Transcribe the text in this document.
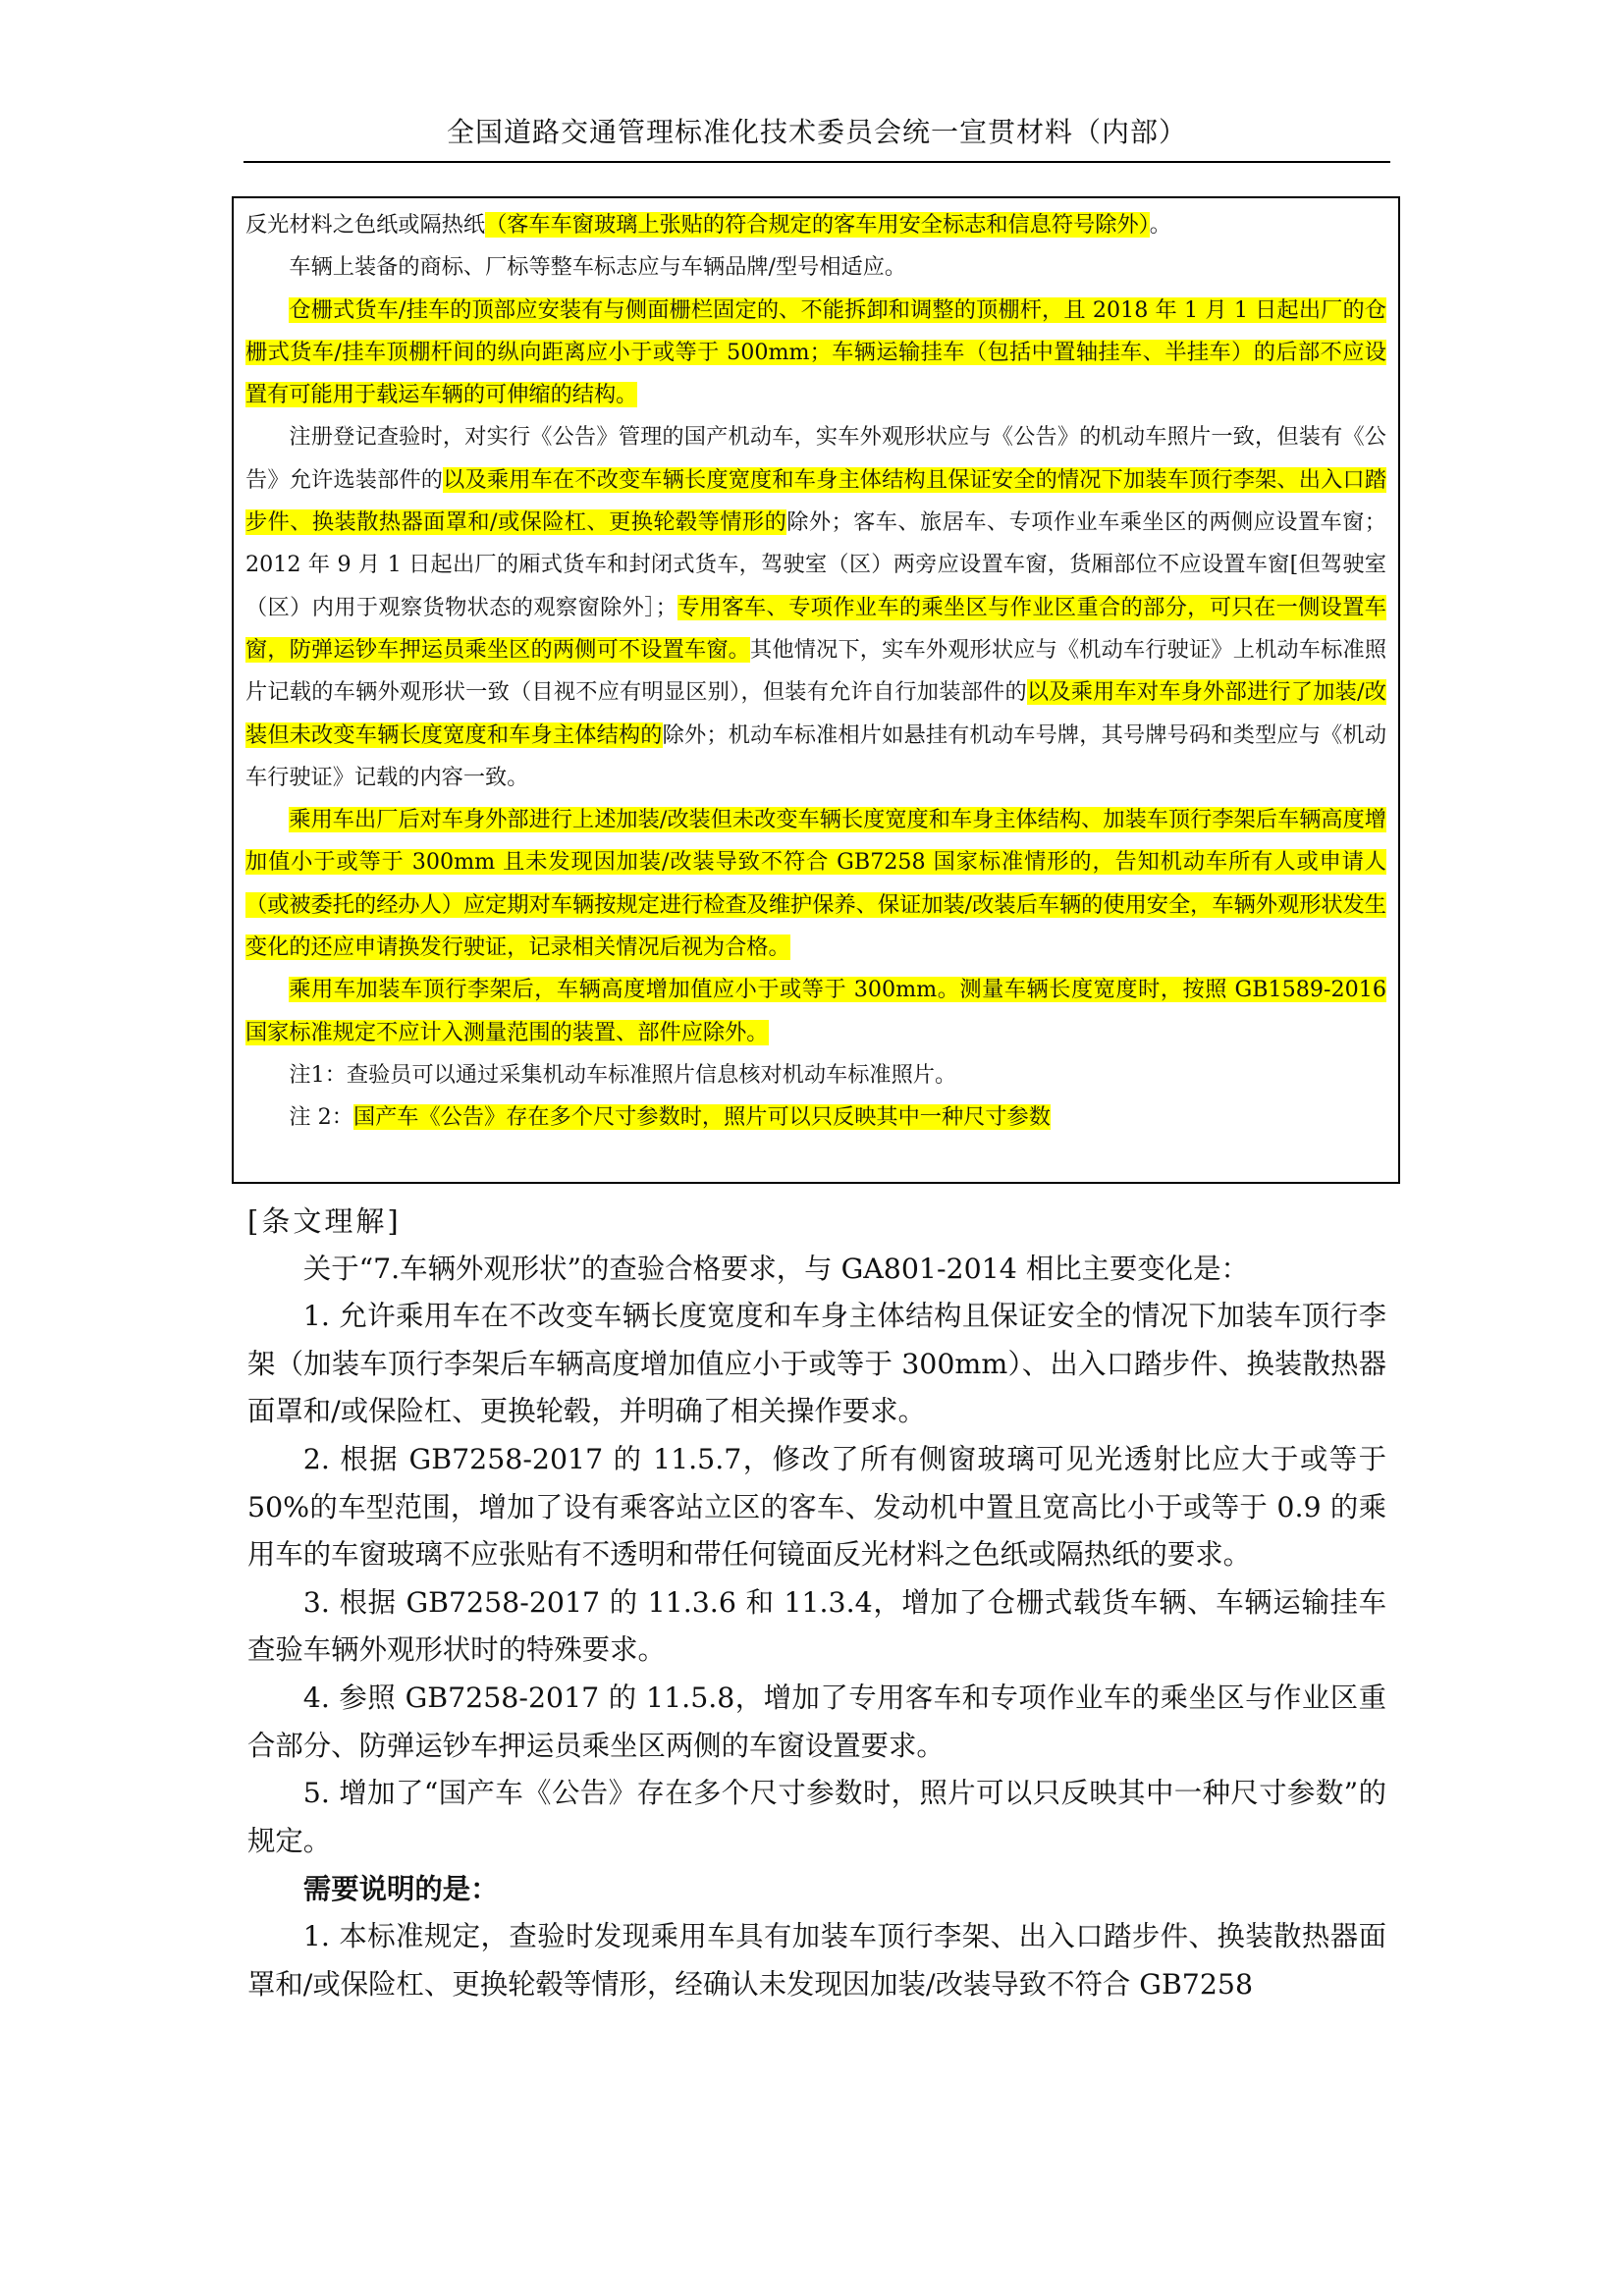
全国道路交通管理标准化技术委员会统一宣贯材料（内部）

反光材料之色纸或隔热纸（客车车窗玻璃上张贴的符合规定的客车用安全标志和信息符号除外）。

车辆上装备的商标、厂标等整车标志应与车辆品牌/型号相适应。

仓栅式货车/挂车的顶部应安装有与侧面栅栏固定的、不能拆卸和调整的顶棚杆，且 2018 年 1 月 1 日起出厂的仓栅式货车/挂车顶棚杆间的纵向距离应小于或等于 500mm；车辆运输挂车（包括中置轴挂车、半挂车）的后部不应设置有可能用于载运车辆的可伸缩的结构。

注册登记查验时，对实行《公告》管理的国产机动车，实车外观形状应与《公告》的机动车照片一致，但装有《公告》允许选装部件的以及乘用车在不改变车辆长度宽度和车身主体结构且保证安全的情况下加装车顶行李架、出入口踏步件、换装散热器面罩和/或保险杠、更换轮毂等情形的除外；客车、旅居车、专项作业车乘坐区的两侧应设置车窗；2012 年 9 月 1 日起出厂的厢式货车和封闭式货车，驾驶室（区）两旁应设置车窗，货厢部位不应设置车窗[但驾驶室（区）内用于观察货物状态的观察窗除外］；专用客车、专项作业车的乘坐区与作业区重合的部分，可只在一侧设置车窗，防弹运钞车押运员乘坐区的两侧可不设置车窗。其他情况下，实车外观形状应与《机动车行驶证》上机动车标准照片记载的车辆外观形状一致（目视不应有明显区别），但装有允许自行加装部件的以及乘用车对车身外部进行了加装/改装但未改变车辆长度宽度和车身主体结构的除外；机动车标准相片如悬挂有机动车号牌，其号牌号码和类型应与《机动车行驶证》记载的内容一致。

乘用车出厂后对车身外部进行上述加装/改装但未改变车辆长度宽度和车身主体结构、加装车顶行李架后车辆高度增加值小于或等于 300mm 且未发现因加装/改装导致不符合 GB7258 国家标准情形的，告知机动车所有人或申请人（或被委托的经办人）应定期对车辆按规定进行检查及维护保养、保证加装/改装后车辆的使用安全，车辆外观形状发生变化的还应申请换发行驶证，记录相关情况后视为合格。

乘用车加装车顶行李架后，车辆高度增加值应小于或等于 300mm。测量车辆长度宽度时，按照 GB1589-2016 国家标准规定不应计入测量范围的装置、部件应除外。

注1：查验员可以通过采集机动车标准照片信息核对机动车标准照片。

注 2：国产车《公告》存在多个尺寸参数时，照片可以只反映其中一种尺寸参数

[条文理解]

关于“7.车辆外观形状”的查验合格要求，与 GA801-2014 相比主要变化是：

1. 允许乘用车在不改变车辆长度宽度和车身主体结构且保证安全的情况下加装车顶行李架（加装车顶行李架后车辆高度增加值应小于或等于 300mm）、出入口踏步件、换装散热器面罩和/或保险杠、更换轮毂，并明确了相关操作要求。

2. 根据 GB7258-2017 的 11.5.7，修改了所有侧窗玻璃可见光透射比应大于或等于 50%的车型范围，增加了设有乘客站立区的客车、发动机中置且宽高比小于或等于 0.9 的乘用车的车窗玻璃不应张贴有不透明和带任何镜面反光材料之色纸或隔热纸的要求。

3. 根据 GB7258-2017 的 11.3.6 和 11.3.4，增加了仓栅式载货车辆、车辆运输挂车查验车辆外观形状时的特殊要求。

4. 参照 GB7258-2017 的 11.5.8，增加了专用客车和专项作业车的乘坐区与作业区重合部分、防弹运钞车押运员乘坐区两侧的车窗设置要求。

5. 增加了“国产车《公告》存在多个尺寸参数时，照片可以只反映其中一种尺寸参数”的规定。

需要说明的是：

1. 本标准规定，查验时发现乘用车具有加装车顶行李架、出入口踏步件、换装散热器面罩和/或保险杠、更换轮毂等情形，经确认未发现因加装/改装导致不符合 GB7258
